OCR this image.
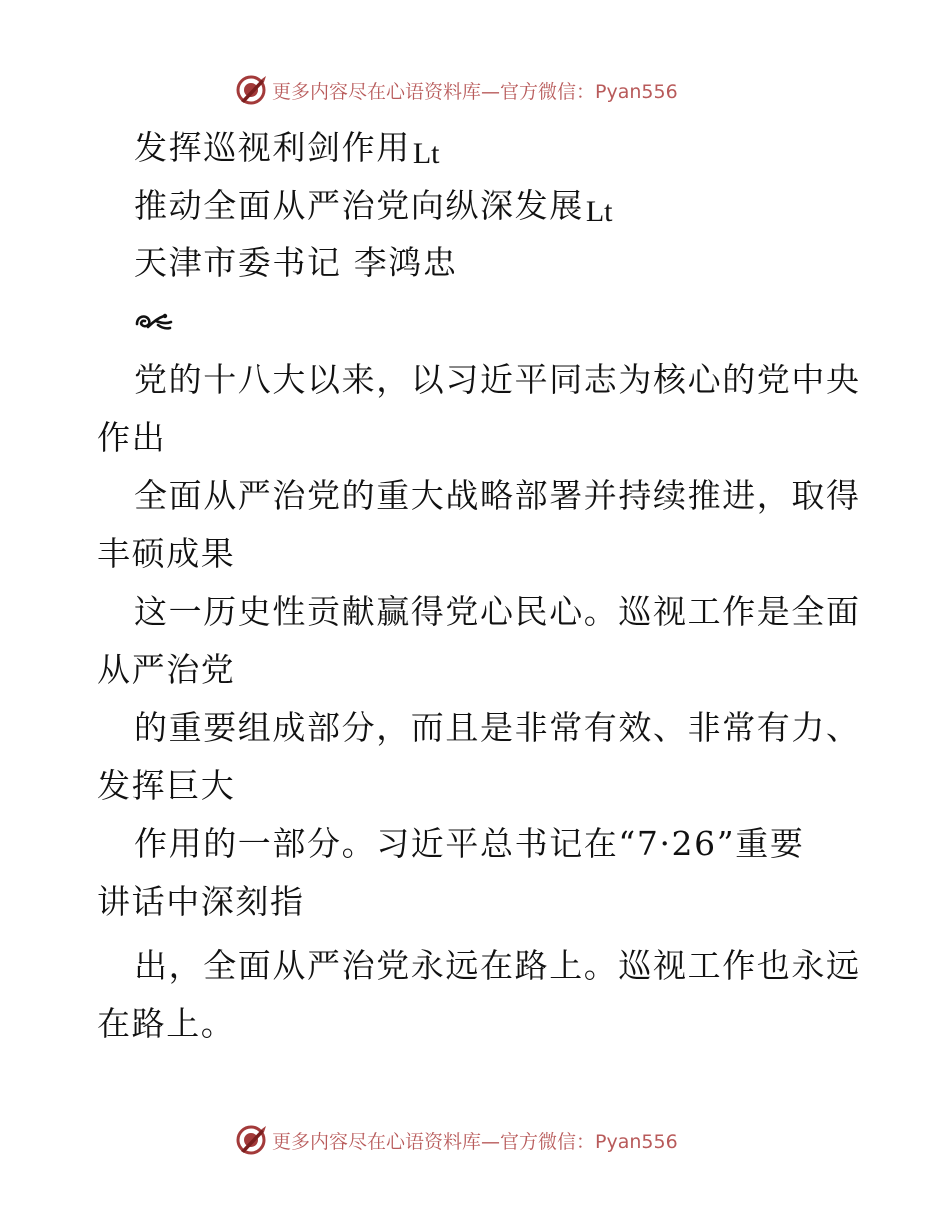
更多内容尽在心语资料库—官方微信：Pyan556
发挥巡视利剑作用Lt
推动全面从严治党向纵深发展Lt
天津市委书记 李鸿忠
党的十八大以来，以习近平同志为核心的党中央
作出
全面从严治党的重大战略部署并持续推进，取得
丰硕成果
这一历史性贡献赢得党心民心。巡视工作是全面
从严治党
的重要组成部分，而且是非常有效、非常有力、
发挥巨大
作用的一部分。习近平总书记在“7·26”重要
讲话中深刻指
出，全面从严治党永远在路上。巡视工作也永远
在路上。
更多内容尽在心语资料库—官方微信：Pyan556
